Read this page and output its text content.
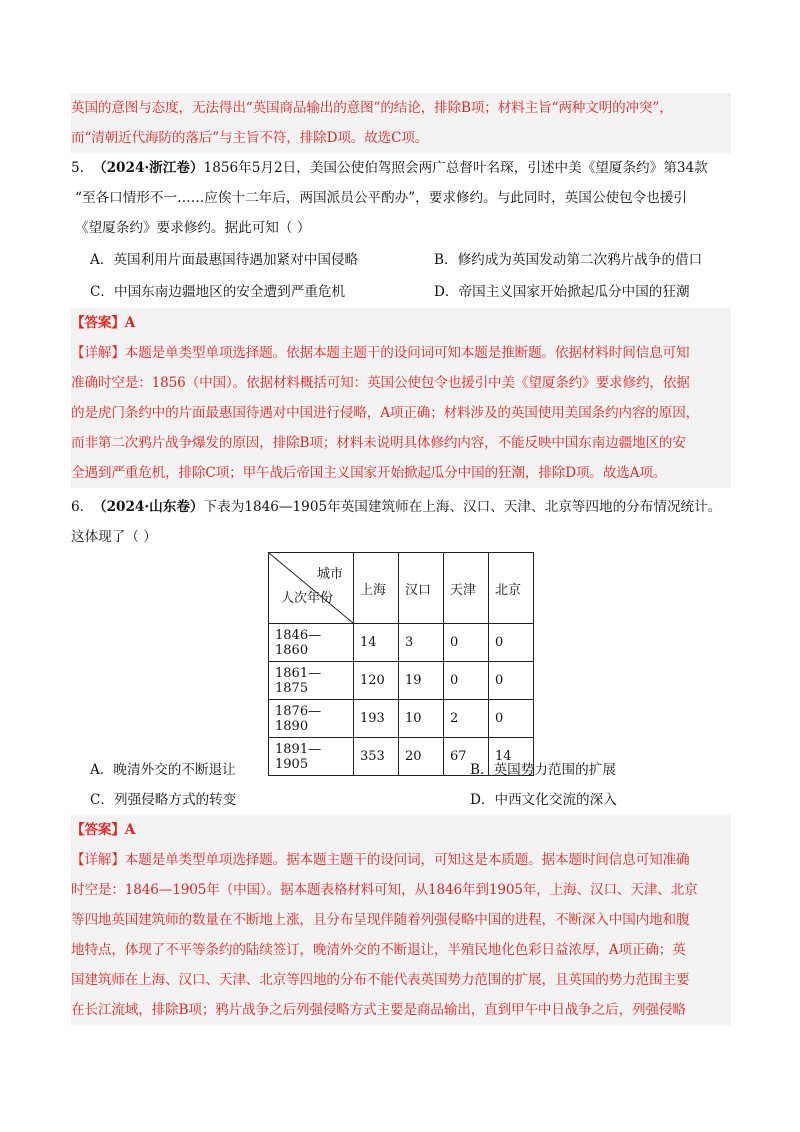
英国的意图与态度，无法得出“英国商品输出的意图”的结论，排除B项；材料主旨“两种文明的冲突”，
而“清朝近代海防的落后”与主旨不符，排除D项。故选C项。
5. （2024·浙江卷）1856年5月2日，美国公使伯驾照会两广总督叶名琛，引述中美《望厦条约》第34款
“至各口情形不一……应俟十二年后，两国派员公平酌办”，要求修约。与此同时，英国公使包令也援引
《望厦条约》要求修约。据此可知（ ）
A．英国利用片面最惠国待遇加紧对中国侵略	B．修约成为英国发动第二次鸦片战争的借口
C．中国东南边疆地区的安全遭到严重危机	D．帝国主义国家开始掀起瓜分中国的狂潮
【答案】A
【详解】本题是单类型单项选择题。依据本题主题干的设问词可知本题是推断题。依据材料时间信息可知
准确时空是：1856（中国）。依据材料概括可知：英国公使包令也援引中美《望厦条约》要求修约，依据
的是虎门条约中的片面最惠国待遇对中国进行侵略，A项正确；材料涉及的英国使用美国条约内容的原因，
而非第二次鸦片战争爆发的原因，排除B项；材料未说明具体修约内容，不能反映中国东南边疆地区的安
全遇到严重危机，排除C项；甲午战后帝国主义国家开始掀起瓜分中国的狂潮，排除D项。故选A项。
6. （2024·山东卷）下表为1846—1905年英国建筑师在上海、汉口、天津、北京等四地的分布情况统计。
这体现了（ ）
城市
人次年份	上海	汉口	天津	北京
1846—1860	14	3	0	0
1861—1875	120	19	0	0
1876—1890	193	10	2	0
1891—1905	353	20	67	14
A．晚清外交的不断退让	B．英国势力范围的扩展
C．列强侵略方式的转变	D．中西文化交流的深入
【答案】A
【详解】本题是单类型单项选择题。据本题主题干的设问词，可知这是本质题。据本题时间信息可知准确
时空是：1846—1905年（中国）。据本题表格材料可知，从1846年到1905年，上海、汉口、天津、北京
等四地英国建筑师的数量在不断地上涨，且分布呈现伴随着列强侵略中国的进程，不断深入中国内地和腹
地特点，体现了不平等条约的陆续签订，晚清外交的不断退让，半殖民地化色彩日益浓厚，A项正确；英
国建筑师在上海、汉口、天津、北京等四地的分布不能代表英国势力范围的扩展，且英国的势力范围主要
在长江流域，排除B项；鸦片战争之后列强侵略方式主要是商品输出，直到甲午中日战争之后，列强侵略
